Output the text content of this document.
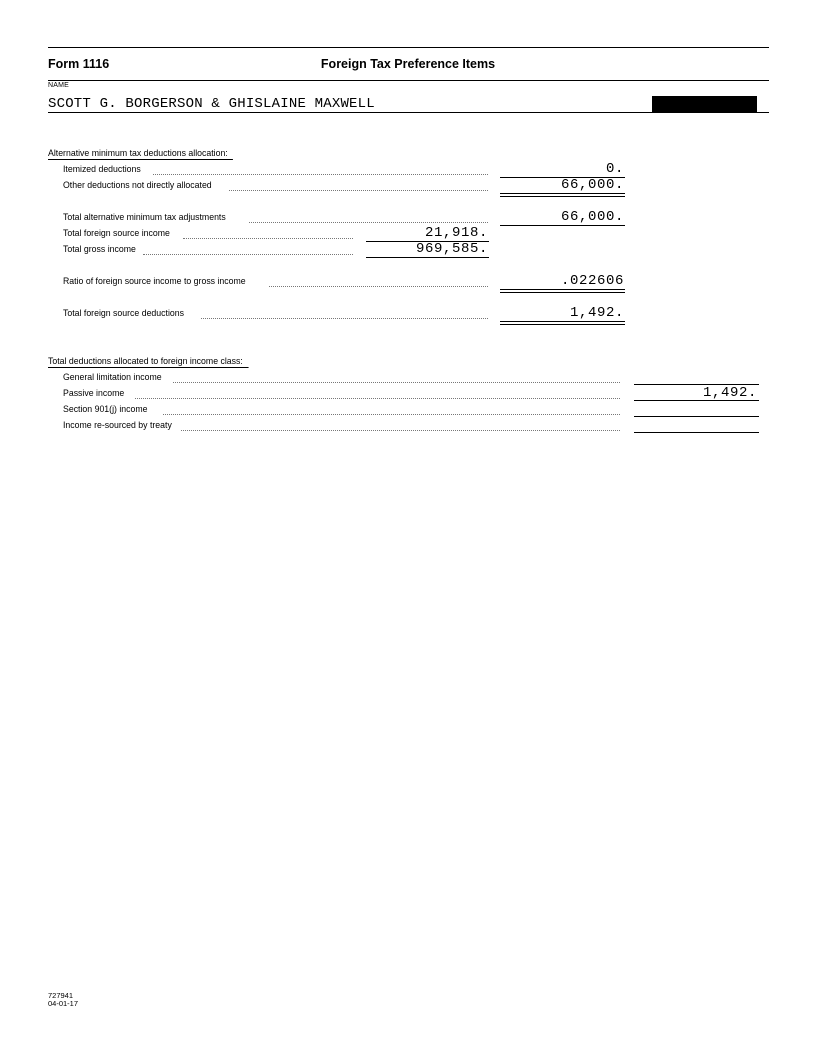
Form 1116	Foreign Tax Preference Items
NAME
SCOTT G. BORGERSON & GHISLAINE MAXWELL
Alternative minimum tax deductions allocation:
Itemized deductions	0.
Other deductions not directly allocated	66,000.
Total alternative minimum tax adjustments	66,000.
Total foreign source income	21,918.
Total gross income	969,585.
Ratio of foreign source income to gross income	.022606
Total foreign source deductions	1,492.
Total deductions allocated to foreign income class:
General limitation income
Passive income	1,492.
Section 901(j) income
Income re-sourced by treaty
727941
04-01-17
